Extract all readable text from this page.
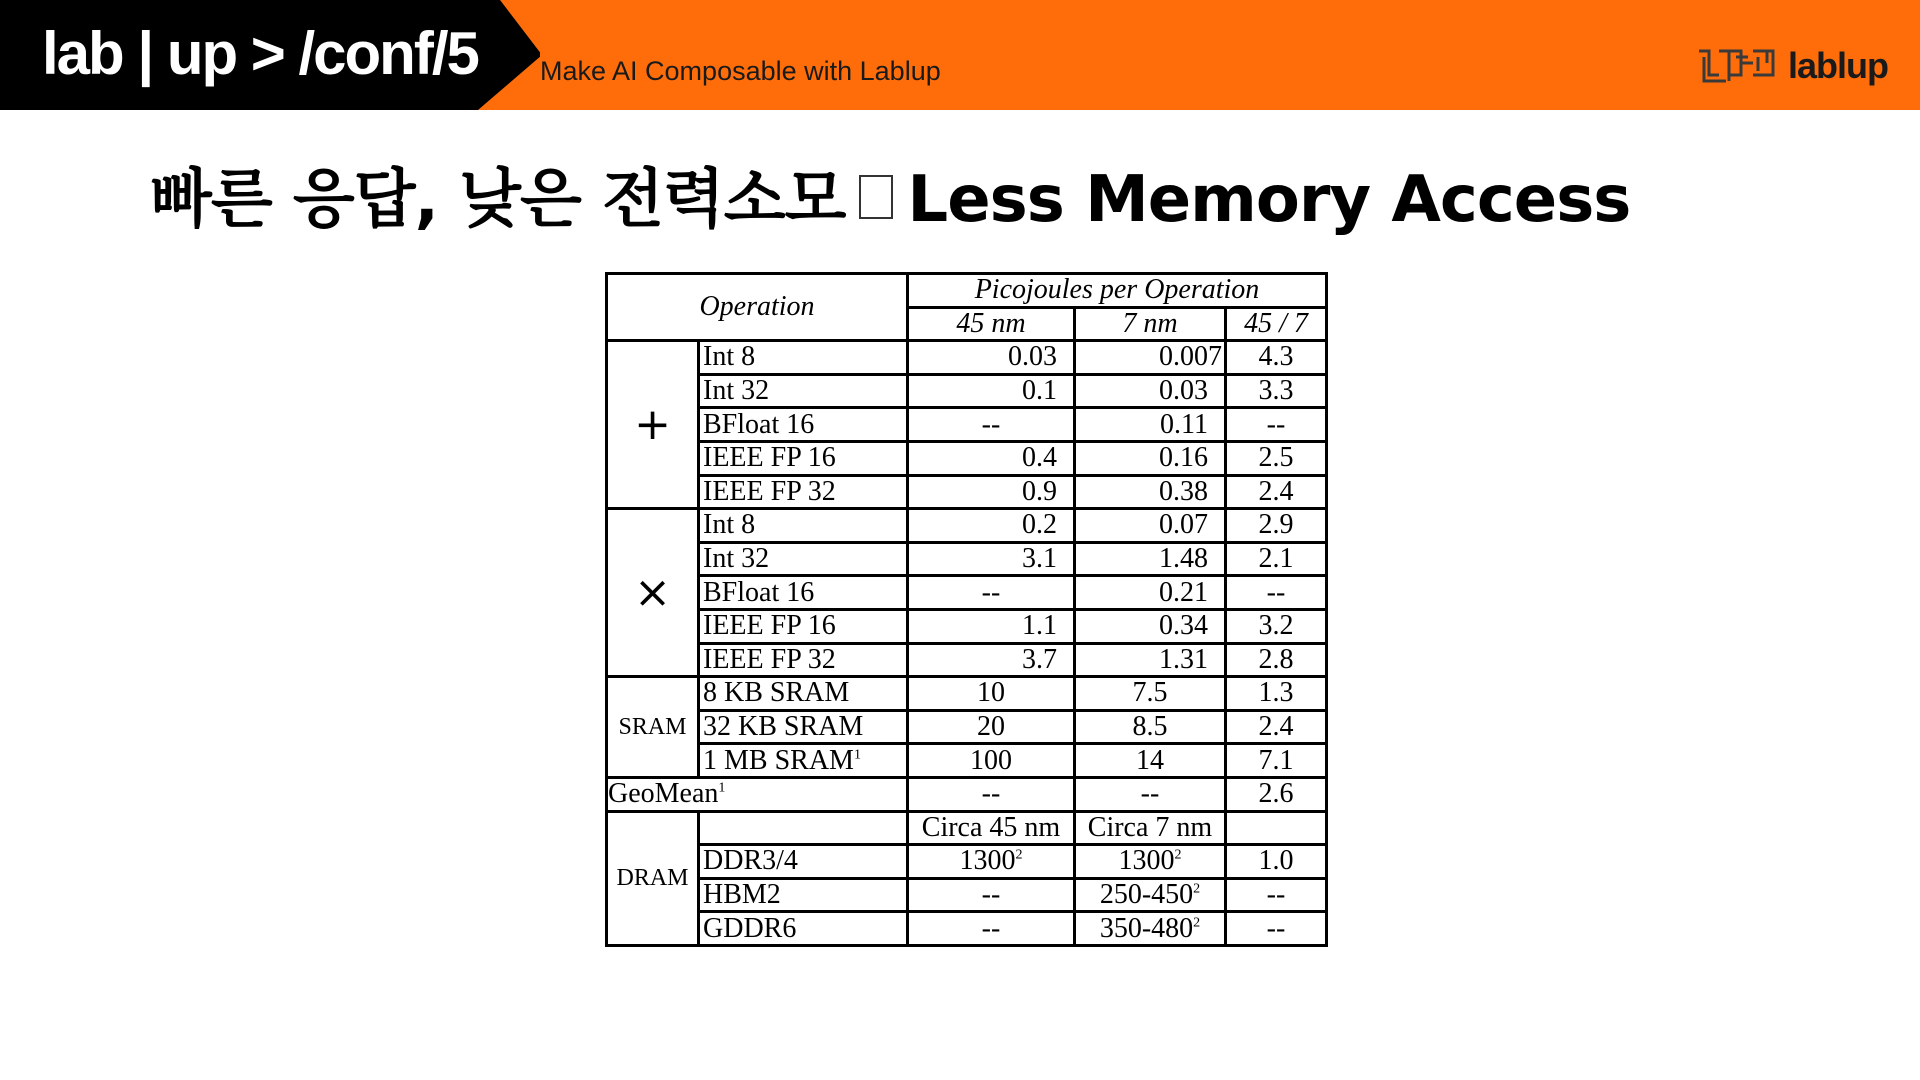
lab | up > /conf/5 Make AI Composable with Lablup	lablup
빠른 응답, 낮은 전력소모 Less Memory Access
Operation		Picojoules per Operation		
		45 nm	7 nm	45 / 7
+	Int 8	0.03	0.007	4.3
	Int 32	0.1	0.03	3.3
	BFloat 16	--	0.11	--
	IEEE FP 16	0.4	0.16	2.5
	IEEE FP 32	0.9	0.38	2.4
×	Int 8	0.2	0.07	2.9
	Int 32	3.1	1.48	2.1
	BFloat 16	--	0.21	--
	IEEE FP 16	1.1	0.34	3.2
	IEEE FP 32	3.7	1.31	2.8
SRAM	8 KB SRAM	10	7.5	1.3
	32 KB SRAM	20	8.5	2.4
	1 MB SRAM$^1$	100	14	7.1
GeoMean$^1$		--	--	2.6
DRAM		Circa 45 nm	Circa 7 nm	
	DDR3/4	1300$^2$	1300$^2$	1.0
	HBM2	--	$250-450^2$	--
	GDDR6	--	$350-480^2$	--
